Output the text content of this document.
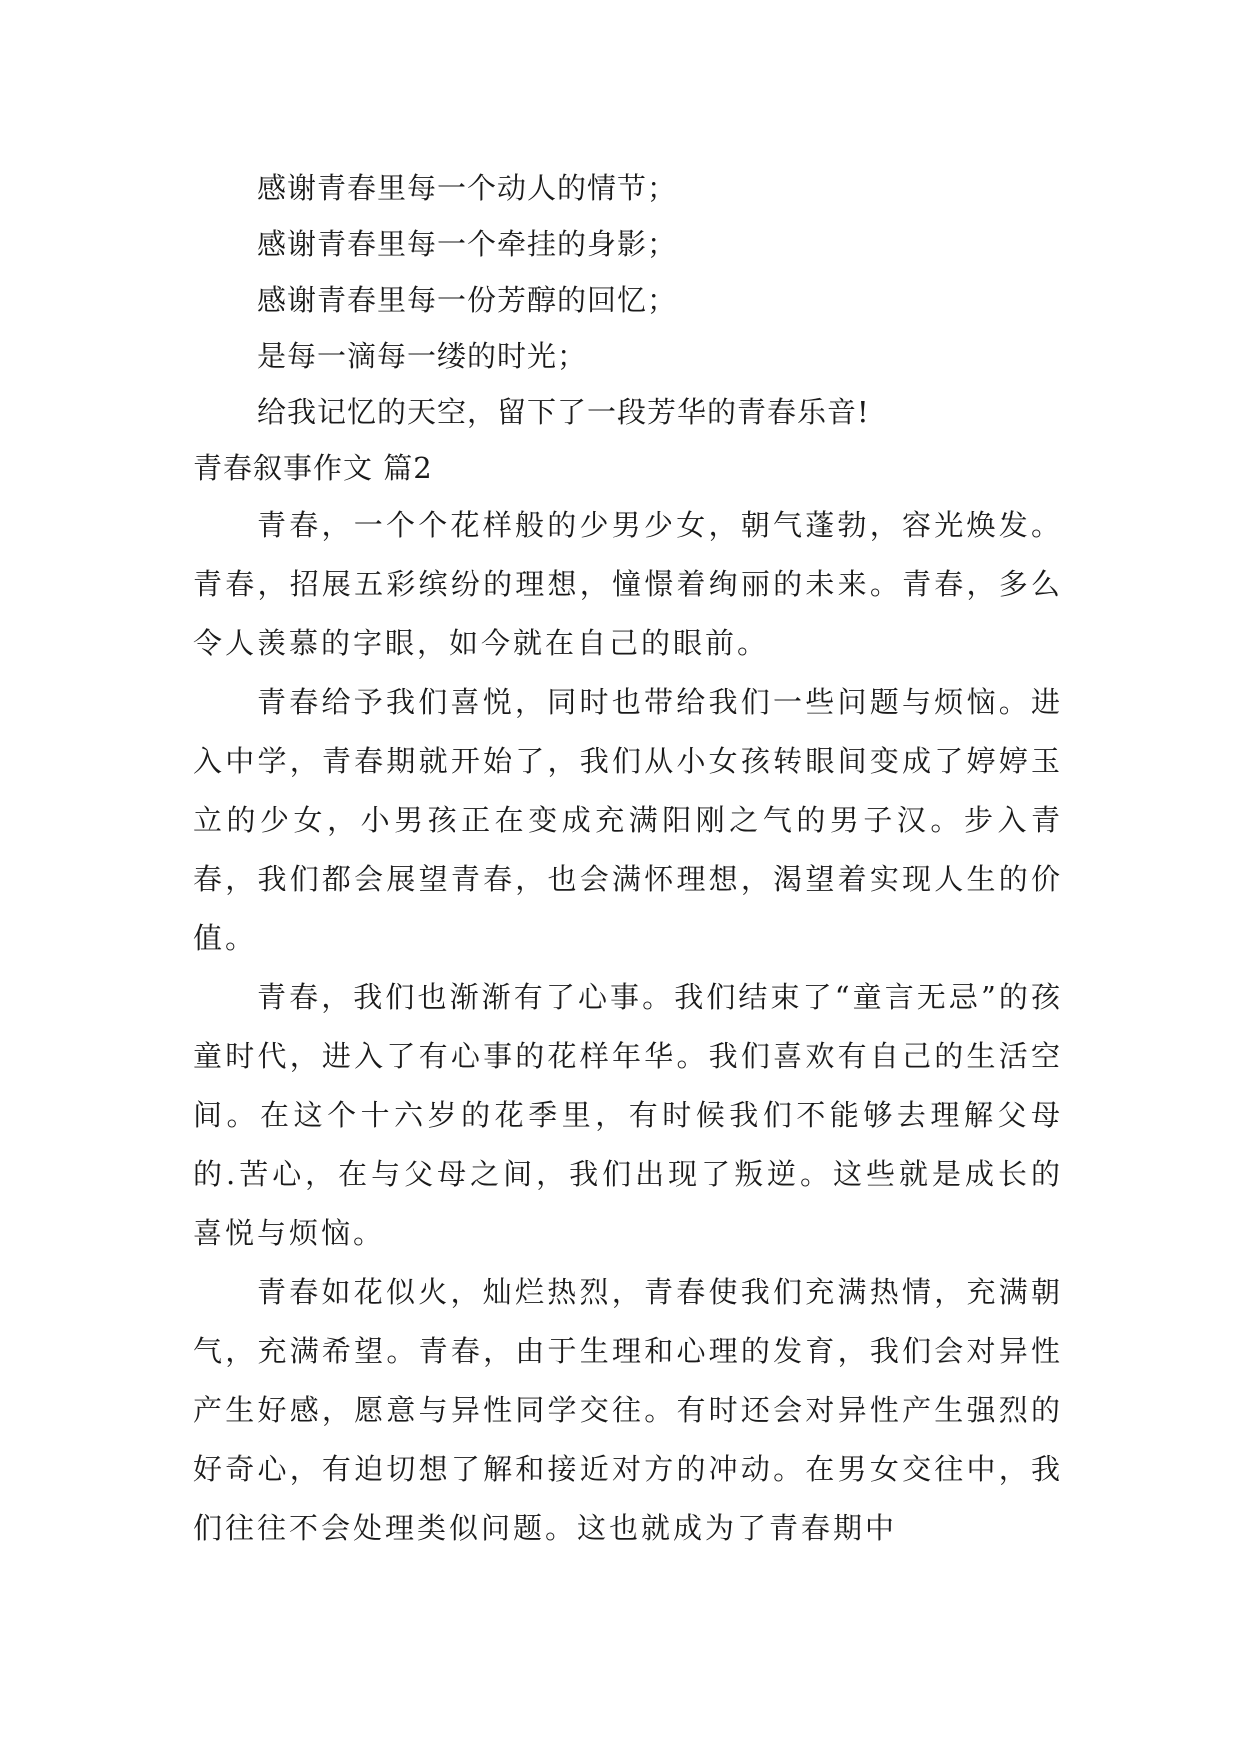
感谢青春里每一个动人的情节；
感谢青春里每一个牵挂的身影；
感谢青春里每一份芳醇的回忆；
是每一滴每一缕的时光；
给我记忆的天空，留下了一段芳华的青春乐音!
青春叙事作文 篇2

青春，一个个花样般的少男少女，朝气蓬勃，容光焕发。青春，招展五彩缤纷的理想，憧憬着绚丽的未来。青春，多么令人羡慕的字眼，如今就在自己的眼前。

青春给予我们喜悦，同时也带给我们一些问题与烦恼。进入中学，青春期就开始了，我们从小女孩转眼间变成了婷婷玉立的少女，小男孩正在变成充满阳刚之气的男子汉。步入青春，我们都会展望青春，也会满怀理想，渴望着实现人生的价值。

青春，我们也渐渐有了心事。我们结束了“童言无忌”的孩童时代，进入了有心事的花样年华。我们喜欢有自己的生活空间。在这个十六岁的花季里，有时候我们不能够去理解父母的.苦心，在与父母之间，我们出现了叛逆。这些就是成长的喜悦与烦恼。

青春如花似火，灿烂热烈，青春使我们充满热情，充满朝气，充满希望。青春，由于生理和心理的发育，我们会对异性产生好感，愿意与异性同学交往。有时还会对异性产生强烈的好奇心，有迫切想了解和接近对方的冲动。在男女交往中，我们往往不会处理类似问题。这也就成为了青春期中
